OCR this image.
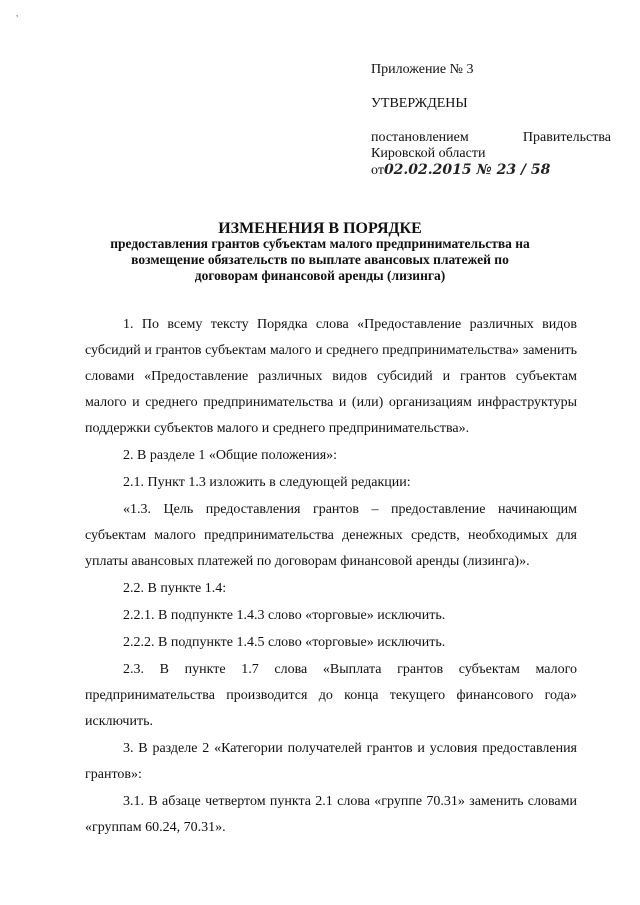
,
Приложение № 3
УТВЕРЖДЕНЫ
постановлением	Правительства
Кировской области
от02.02.2015 № 23 / 58
ИЗМЕНЕНИЯ В ПОРЯДКЕ
предоставления грантов субъектам малого предпринимательства на возмещение обязательств по выплате авансовых платежей по договорам финансовой аренды (лизинга)

1. По всему тексту Порядка слова «Предоставление различных видов субсидий и грантов субъектам малого и среднего предпринимательства» заменить словами «Предоставление различных видов субсидий и грантов субъектам малого и среднего предпринимательства и (или) организациям инфраструктуры поддержки субъектов малого и среднего предпринимательства».

2. В разделе 1 «Общие положения»:

2.1. Пункт 1.3 изложить в следующей редакции:

«1.3. Цель предоставления грантов – предоставление начинающим субъектам малого предпринимательства денежных средств, необходимых для уплаты авансовых платежей по договорам финансовой аренды (лизинга)».

2.2. В пункте 1.4:

2.2.1. В подпункте 1.4.3 слово «торговые» исключить.

2.2.2. В подпункте 1.4.5 слово «торговые» исключить.

2.3. В пункте 1.7 слова «Выплата грантов субъектам малого предпринимательства производится до конца текущего финансового года» исключить.

3. В разделе 2 «Категории получателей грантов и условия предоставления грантов»:

3.1. В абзаце четвертом пункта 2.1 слова «группе 70.31» заменить словами «группам 60.24, 70.31».
